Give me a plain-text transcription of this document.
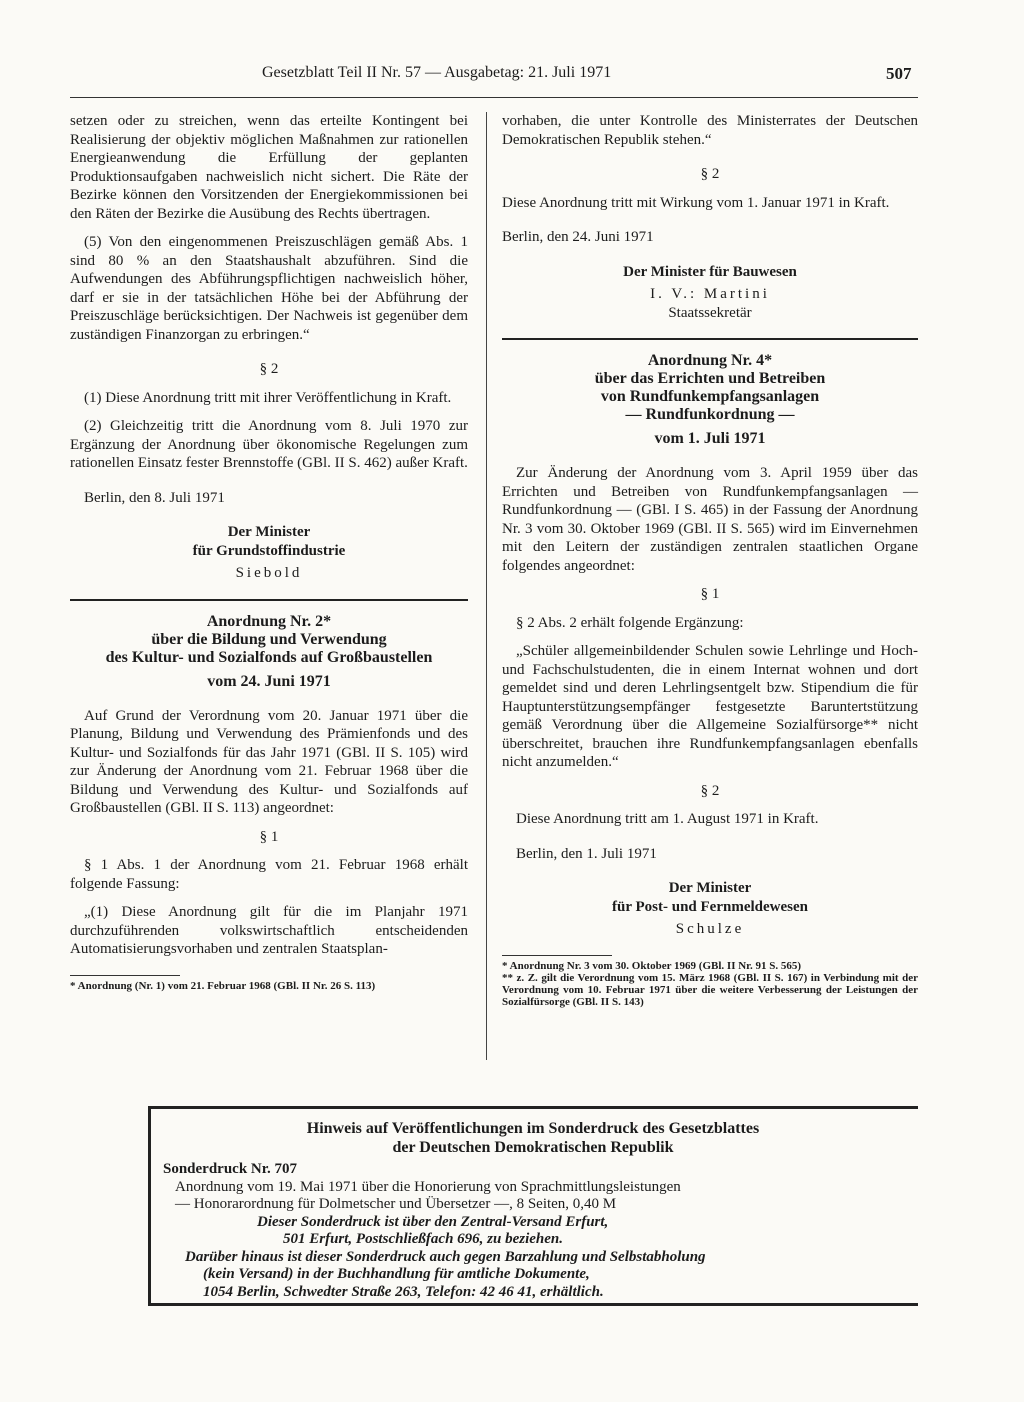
Gesetzblatt Teil II Nr. 57 — Ausgabetag: 21. Juli 1971	507

setzen oder zu streichen, wenn das erteilte Kontingent bei Realisierung der objektiv möglichen Maßnahmen zur rationellen Energieanwendung die Erfüllung der geplanten Produktionsaufgaben nachweislich nicht sichert. Die Räte der Bezirke können den Vorsitzenden der Energiekommissionen bei den Räten der Bezirke die Ausübung des Rechts übertragen.

(5) Von den eingenommenen Preiszuschlägen gemäß Abs. 1 sind 80 % an den Staatshaushalt abzuführen. Sind die Aufwendungen des Abführungspflichtigen nachweislich höher, darf er sie in der tatsächlichen Höhe bei der Abführung der Preiszuschläge berücksichtigen. Der Nachweis ist gegenüber dem zuständigen Finanzorgan zu erbringen.“

§ 2

(1) Diese Anordnung tritt mit ihrer Veröffentlichung in Kraft.

(2) Gleichzeitig tritt die Anordnung vom 8. Juli 1970 zur Ergänzung der Anordnung über ökonomische Regelungen zum rationellen Einsatz fester Brennstoffe (GBl. II S. 462) außer Kraft.

Berlin, den 8. Juli 1971

Der Minister

für Grundstoffindustrie

Siebold

Anordnung Nr. 2*

über die Bildung und Verwendung

des Kultur- und Sozialfonds auf Großbaustellen

vom 24. Juni 1971

Auf Grund der Verordnung vom 20. Januar 1971 über die Planung, Bildung und Verwendung des Prämienfonds und des Kultur- und Sozialfonds für das Jahr 1971 (GBl. II S. 105) wird zur Änderung der Anordnung vom 21. Februar 1968 über die Bildung und Verwendung des Kultur- und Sozialfonds auf Großbaustellen (GBl. II S. 113) angeordnet:

§ 1

§ 1 Abs. 1 der Anordnung vom 21. Februar 1968 erhält folgende Fassung:

„(1) Diese Anordnung gilt für die im Planjahr 1971 durchzuführenden volkswirtschaftlich entscheidenden Automatisierungsvorhaben und zentralen Staatsplan-

* Anordnung (Nr. 1) vom 21. Februar 1968 (GBl. II Nr. 26 S. 113)

vorhaben, die unter Kontrolle des Ministerrates der Deutschen Demokratischen Republik stehen.“

§ 2

Diese Anordnung tritt mit Wirkung vom 1. Januar 1971 in Kraft.

Berlin, den 24. Juni 1971

Der Minister für Bauwesen

I. V.: Martini

Staatssekretär

Anordnung Nr. 4*

über das Errichten und Betreiben

von Rundfunkempfangsanlagen

— Rundfunkordnung —

vom 1. Juli 1971

Zur Änderung der Anordnung vom 3. April 1959 über das Errichten und Betreiben von Rundfunkempfangsanlagen — Rundfunkordnung — (GBl. I S. 465) in der Fassung der Anordnung Nr. 3 vom 30. Oktober 1969 (GBl. II S. 565) wird im Einvernehmen mit den Leitern der zuständigen zentralen staatlichen Organe folgendes angeordnet:

§ 1

§ 2 Abs. 2 erhält folgende Ergänzung:

„Schüler allgemeinbildender Schulen sowie Lehrlinge und Hoch- und Fachschulstudenten, die in einem Internat wohnen und dort gemeldet sind und deren Lehrlingsentgelt bzw. Stipendium die für Hauptunterstützungsempfänger festgesetzte Baruntertstützung gemäß Verordnung über die Allgemeine Sozialfürsorge** nicht überschreitet, brauchen ihre Rundfunkempfangsanlagen ebenfalls nicht anzumelden.“

§ 2

Diese Anordnung tritt am 1. August 1971 in Kraft.

Berlin, den 1. Juli 1971

Der Minister

für Post- und Fernmeldewesen

Schulze

* Anordnung Nr. 3 vom 30. Oktober 1969 (GBl. II Nr. 91 S. 565)

** z. Z. gilt die Verordnung vom 15. März 1968 (GBl. II S. 167) in Verbindung mit der Verordnung vom 10. Februar 1971 über die weitere Verbesserung der Leistungen der Sozialfürsorge (GBl. II S. 143)

Hinweis auf Veröffentlichungen im Sonderdruck des Gesetzblattes

der Deutschen Demokratischen Republik

Sonderdruck Nr. 707

Anordnung vom 19. Mai 1971 über die Honorierung von Sprachmittlungsleistungen

— Honorarordnung für Dolmetscher und Übersetzer —, 8 Seiten, 0,40 M

Dieser Sonderdruck ist über den Zentral-Versand Erfurt,

501 Erfurt, Postschließfach 696, zu beziehen.

Darüber hinaus ist dieser Sonderdruck auch gegen Barzahlung und Selbstabholung

(kein Versand) in der Buchhandlung für amtliche Dokumente,

1054 Berlin, Schwedter Straße 263, Telefon: 42 46 41, erhältlich.
